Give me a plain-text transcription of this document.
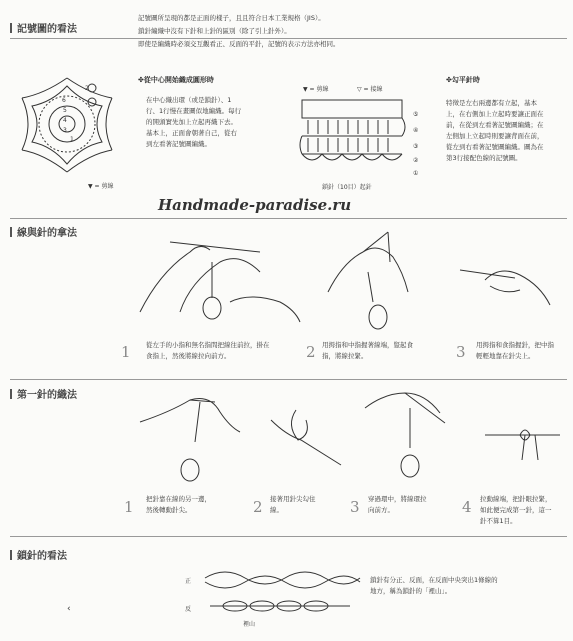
記號圖的看法
記號圖所呈現的都是正面的樣子，且且符合日本工業規格（JIS）。
鎖針編織中沒有下針和上針的區別（除了引上針外）。
即使是編織時必須交互觀看正、反面的平針，記號的表示方法亦相同。
6
5
4
3
2
1
▼ = 剪線
✤從中心開始織成圓形時
在中心織出環（或是鎖針）、1
行、1行慢在畫圖似地編織。每行
的開頭實先加上立起再織下去。
基本上，正面會朝著自己，從右
到左看著記號圖編織。
▼ = 剪線	▽ = 接線
⑤
④
③
②
①
鎖針（10目）起針
✤勾平針時
特徵是左右兩邊都有立起，基本
上，在右側加上立起時要讓正面在
前，在從到左看著記號圖編織；在
左側加上立起時則要讓背面在前，
從左到右看著記號圖編織。圖為在
第3行接配色線的記號圖。
Handmade-paradise.ru
線與針的拿法
1 從左手的小指和無名指間把線往前拉，掛在
食指上，然後將線拉向前方。	2 用拇指和中指握著線端，豎起食
指，將線拉緊。	3 用拇指和食指握針，把中指
輕輕地靠在針尖上。
第一針的織法
1 把針靠在線的另一邊，
然後轉動針尖。	2 接著用針尖勾住
線。	3 穿過環中，將線環拉
向前方。	4 拉動線端，把針眼拉緊，
如此便完成第一針，這一
針不算1目。
鎖針的看法
正
反
裡山
鎖針有分正、反面，在反面中央突出1條線的
地方，稱為鎖針的「裡山」。
‹
